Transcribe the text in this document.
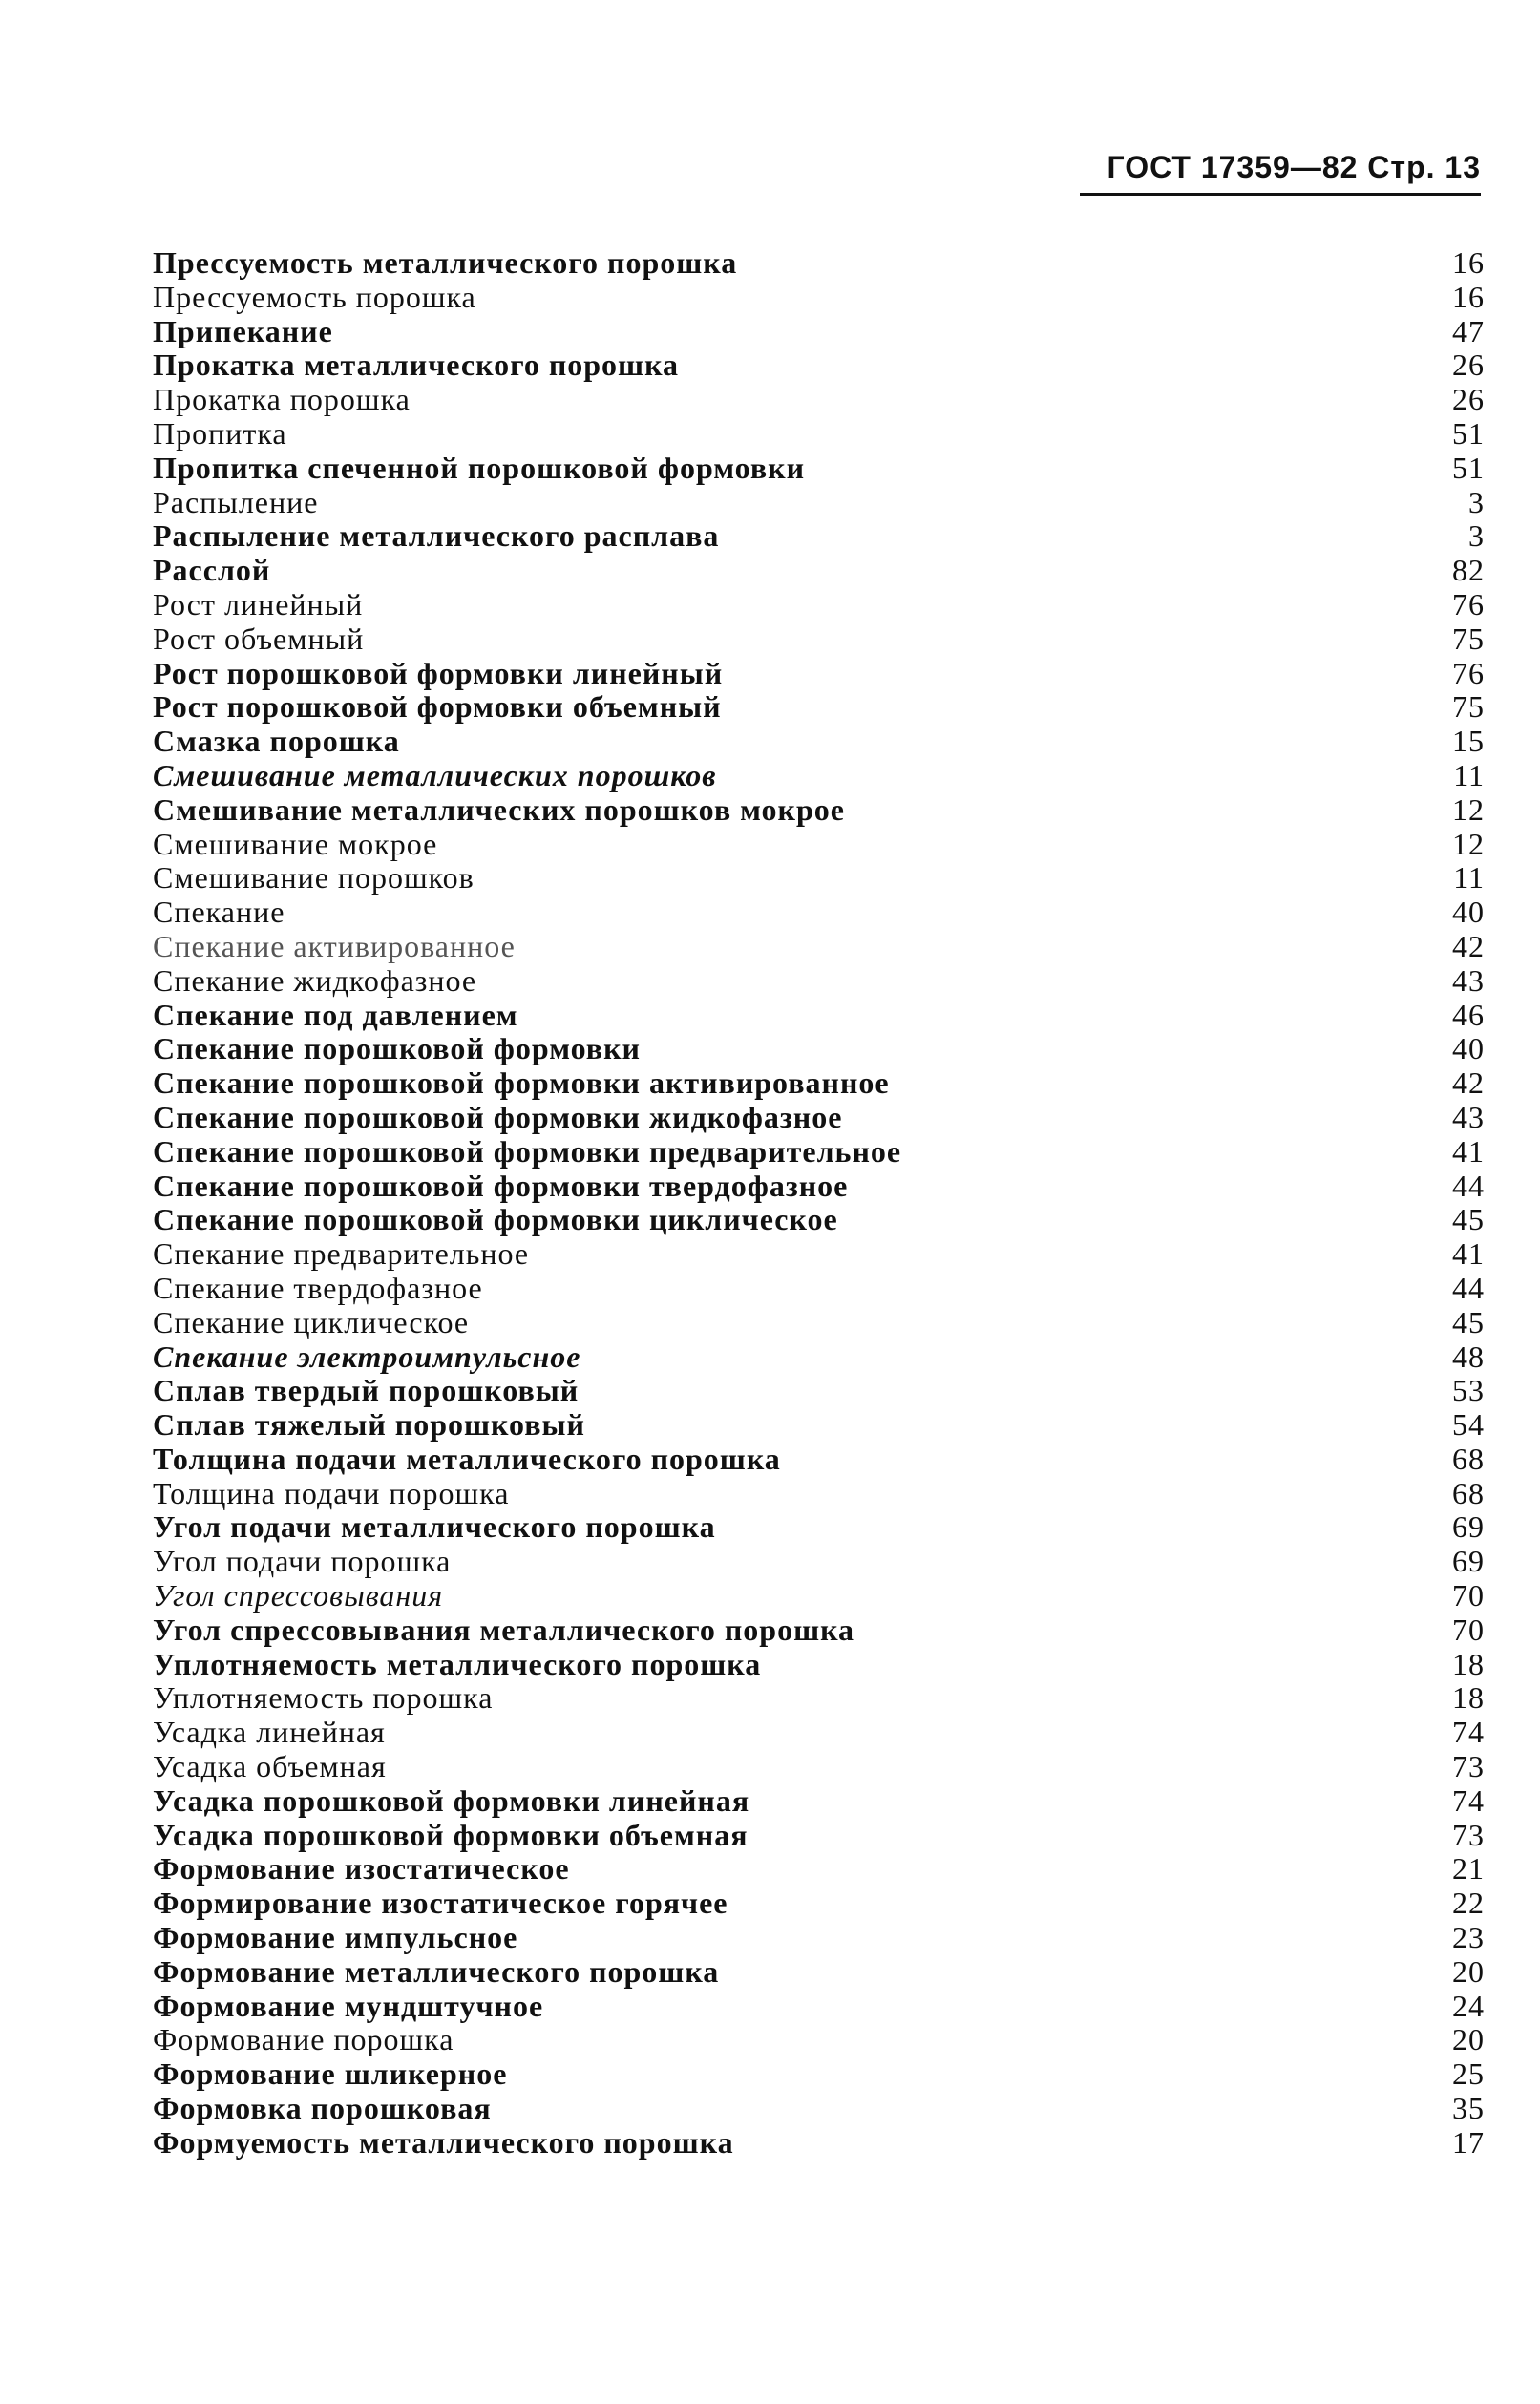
ГОСТ 17359—82 Стр. 13
Прессуемость металлического порошка	16
Прессуемость порошка	16
Припекание	47
Прокатка металлического порошка	26
Прокатка порошка	26
Пропитка	51
Пропитка спеченной порошковой формовки	51
Распыление	3
Распыление металлического расплава	3
Расслой	82
Рост линейный	76
Рост объемный	75
Рост порошковой формовки линейный	76
Рост порошковой формовки объемный	75
Смазка порошка	15
Смешивание металлических порошков	11
Смешивание металлических порошков мокрое	12
Смешивание мокрое	12
Смешивание порошков	11
Спекание	40
Спекание активированное	42
Спекание жидкофазное	43
Спекание под давлением	46
Спекание порошковой формовки	40
Спекание порошковой формовки активированное	42
Спекание порошковой формовки жидкофазное	43
Спекание порошковой формовки предварительное	41
Спекание порошковой формовки твердофазное	44
Спекание порошковой формовки циклическое	45
Спекание предварительное	41
Спекание твердофазное	44
Спекание циклическое	45
Спекание электроимпульсное	48
Сплав твердый порошковый	53
Сплав тяжелый порошковый	54
Толщина подачи металлического порошка	68
Толщина подачи порошка	68
Угол подачи металлического порошка	69
Угол подачи порошка	69
Угол спрессовывания	70
Угол спрессовывания металлического порошка	70
Уплотняемость металлического порошка	18
Уплотняемость порошка	18
Усадка линейная	74
Усадка объемная	73
Усадка порошковой формовки линейная	74
Усадка порошковой формовки объемная	73
Формование изостатическое	21
Формирование изостатическое горячее	22
Формование импульсное	23
Формование металлического порошка	20
Формование мундштучное	24
Формование порошка	20
Формование шликерное	25
Формовка порошковая	35
Формуемость металлического порошка	17
